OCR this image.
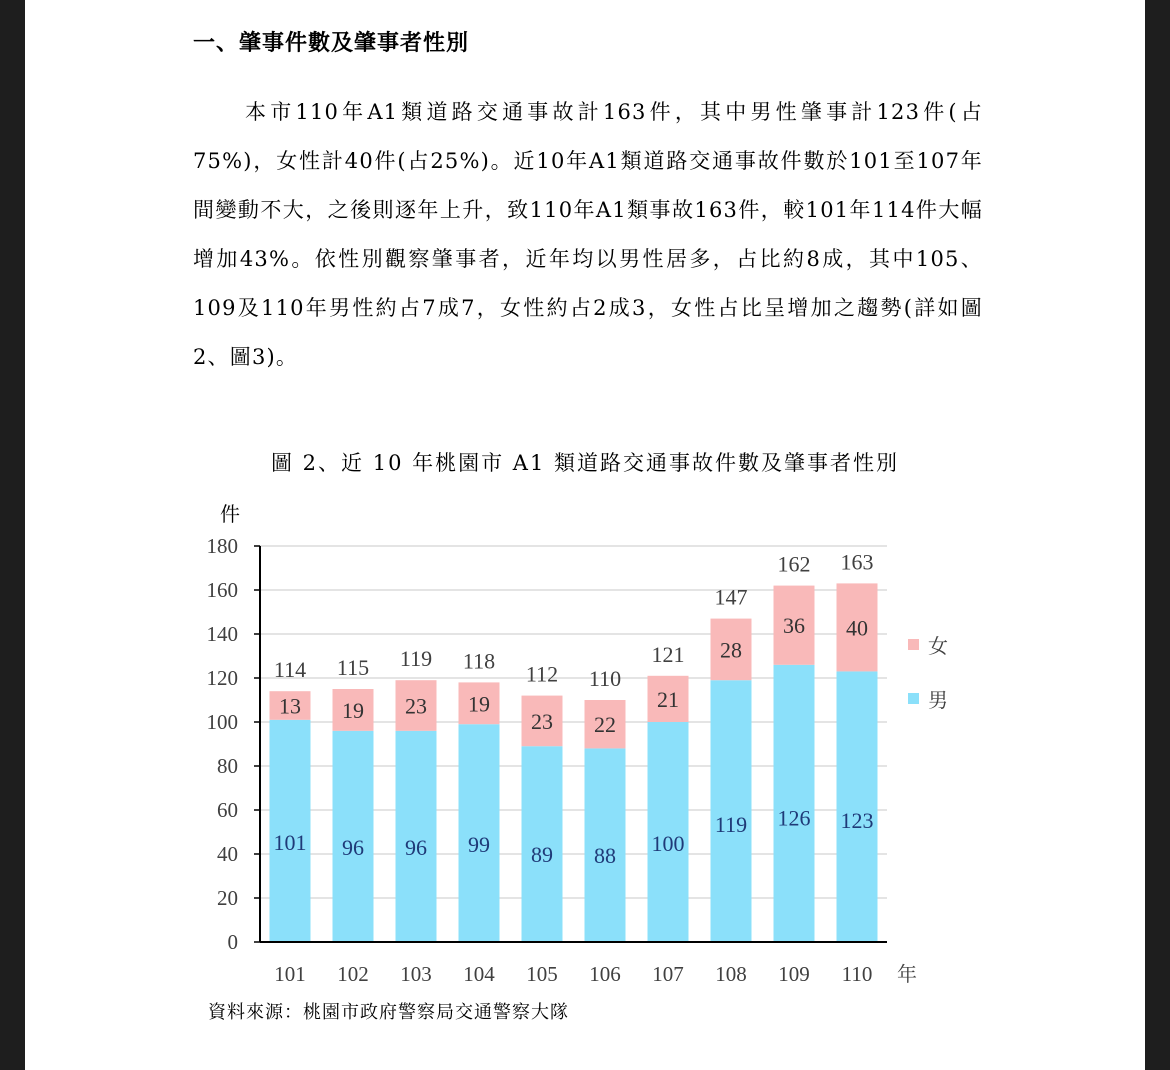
一、肇事件數及肇事者性別
本市110年A1類道路交通事故計163件，其中男性肇事計123件(占75%)，女性計40件(占25%)。近10年A1類道路交通事故件數於101至107年間變動不大，之後則逐年上升，致110年A1類事故163件，較101年114件大幅增加43%。依性別觀察肇事者，近年均以男性居多，占比約8成，其中105、109及110年男性約占7成7，女性約占2成3，女性占比呈增加之趨勢(詳如圖2、圖3)。
圖 2、近 10 年桃園市 A1 類道路交通事故件數及肇事者性別
0
20
40
60
80
100
120
140
160
180
件
101
13
114
101
96
19
115
102
96
23
119
103
99
19
118
104
89
23
112
105
88
22
110
106
100
21
121
107
119
28
147
108
126
36
162
109
123
40
163
110 年
女
男
資料來源：桃園市政府警察局交通警察大隊
